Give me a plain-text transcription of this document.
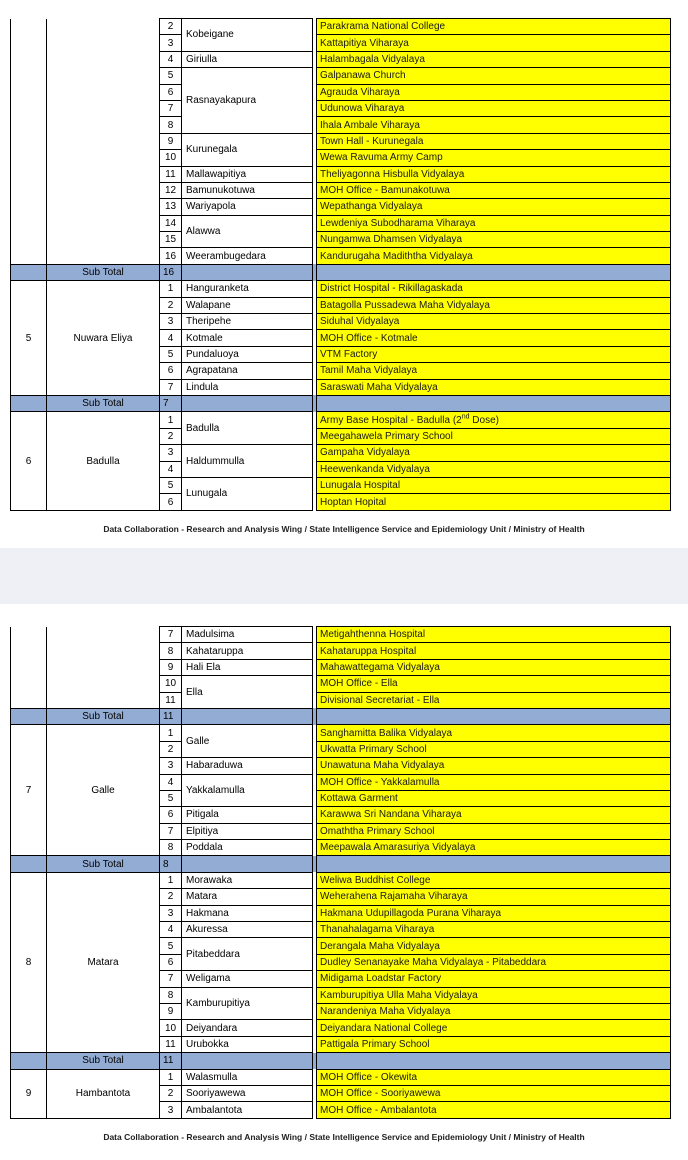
		2	Kobeigane		Parakrama National College
		3			Kattapitiya Viharaya
		4	Giriulla		Halambagala Vidyalaya
		5	Rasnayakapura		Galpanawa Church
		6			Agrauda Viharaya
		7			Udunowa Viharaya
		8			Ihala Ambale Viharaya
		9	Kurunegala		Town Hall - Kurunegala
		10			Wewa Ravuma Army Camp
		11	Mallawapitiya		Theliyagonna Hisbulla Vidyalaya
		12	Bamunukotuwa		MOH Office - Bamunakotuwa
		13	Wariyapola		Wepathanga Vidyalaya
		14	Alawwa		Lewdeniya Subodharama Viharaya
		15			Nungamwa Dhamsen Vidyalaya
		16	Weerambugedara		Kandurugaha Madiththa Vidyalaya
	Sub Total	16			
5	Nuwara Eliya	1	Hanguranketa		District Hospital - Rikillagaskada
		2	Walapane		Batagolla Pussadewa Maha Vidyalaya
		3	Theripehe		Siduhal Vidyalaya
		4	Kotmale		MOH Office - Kotmale
		5	Pundaluoya		VTM Factory
		6	Agrapatana		Tamil Maha Vidyalaya
		7	Lindula		Saraswati Maha Vidyalaya
	Sub Total	7			
6	Badulla	1	Badulla		Army Base Hospital - Badulla (2nd Dose)
		2			Meegahawela Primary School
		3	Haldummulla		Gampaha Vidyalaya
		4			Heewenkanda Vidyalaya
		5	Lunugala		Lunugala Hospital
		6			Hoptan Hopital
Data Collaboration - Research and Analysis Wing / State Intelligence Service and Epidemiology Unit / Ministry of Health
		7	Madulsima		Metigahthenna Hospital
		8	Kahataruppa		Kahataruppa Hospital
		9	Hali Ela		Mahawattegama Vidyalaya
		10	Ella		MOH Office - Ella
		11			Divisional Secretariat - Ella
	Sub Total	11			
7	Galle	1	Galle		Sanghamitta Balika Vidyalaya
		2			Ukwatta Primary School
		3	Habaraduwa		Unawatuna Maha Vidyalaya
		4	Yakkalamulla		MOH Office - Yakkalamulla
		5			Kottawa Garment
		6	Pitigala		Karawwa Sri Nandana Viharaya
		7	Elpitiya		Omaththa Primary School
		8	Poddala		Meepawala Amarasuriya Vidyalaya
	Sub Total	8			
8	Matara	1	Morawaka		Weliwa Buddhist College
		2	Matara		Weherahena Rajamaha Viharaya
		3	Hakmana		Hakmana Udupillagoda Purana Viharaya
		4	Akuressa		Thanahalagama Viharaya
		5	Pitabeddara		Derangala Maha Vidyalaya
		6			Dudley Senanayake Maha Vidyalaya - Pitabeddara
		7	Weligama		Midigama Loadstar Factory
		8	Kamburupitiya		Kamburupitiya Ulla Maha Vidyalaya
		9			Narandeniya Maha Vidyalaya
		10	Deiyandara		Deiyandara National College
		11	Urubokka		Pattigala Primary School
	Sub Total	11			
9	Hambantota	1	Walasmulla		MOH Office - Okewita
		2	Sooriyawewa		MOH Office - Sooriyawewa
		3	Ambalantota		MOH Office - Ambalantota
Data Collaboration - Research and Analysis Wing / State Intelligence Service and Epidemiology Unit / Ministry of Health
